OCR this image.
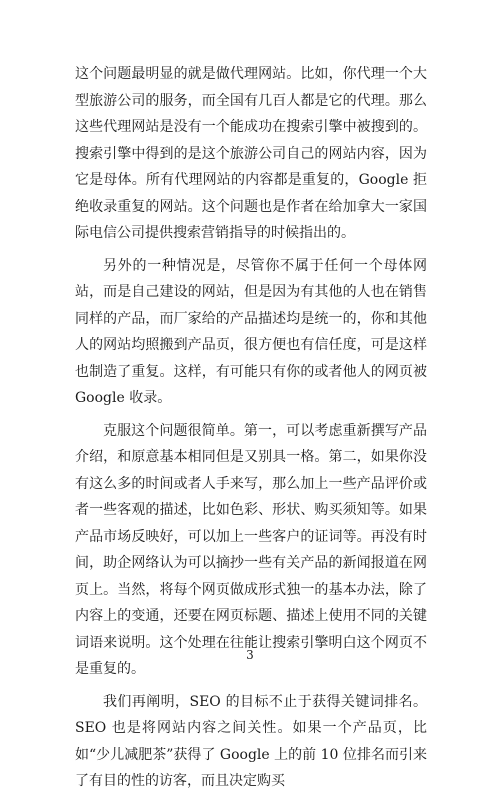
这个问题最明显的就是做代理网站。比如，你代理一个大型旅游公司的服务，而全国有几百人都是它的代理。那么这些代理网站是没有一个能成功在搜索引擎中被搜到的。搜索引擎中得到的是这个旅游公司自己的网站内容，因为它是母体。所有代理网站的内容都是重复的，Google 拒绝收录重复的网站。这个问题也是作者在给加拿大一家国际电信公司提供搜索营销指导的时候指出的。

另外的一种情况是，尽管你不属于任何一个母体网站，而是自己建设的网站，但是因为有其他的人也在销售同样的产品，而厂家给的产品描述均是统一的，你和其他人的网站均照搬到产品页，很方便也有信任度，可是这样也制造了重复。这样，有可能只有你的或者他人的网页被 Google 收录。

克服这个问题很简单。第一，可以考虑重新撰写产品介绍，和原意基本相同但是又别具一格。第二，如果你没有这么多的时间或者人手来写，那么加上一些产品评价或者一些客观的描述，比如色彩、形状、购买须知等。如果产品市场反映好，可以加上一些客户的证词等。再没有时间，助企网络认为可以摘抄一些有关产品的新闻报道在网页上。当然，将每个网页做成形式独一的基本办法，除了内容上的变通，还要在网页标题、描述上使用不同的关键词语来说明。这个处理在往能让搜索引擎明白这个网页不是重复的。

我们再阐明，SEO 的目标不止于获得关键词排名。SEO 也是将网站内容之间关性。如果一个产品页，比如“少儿减肥茶”获得了 Google 上的前 10 位排名而引来了有目的性的访客，而且决定购买

3
